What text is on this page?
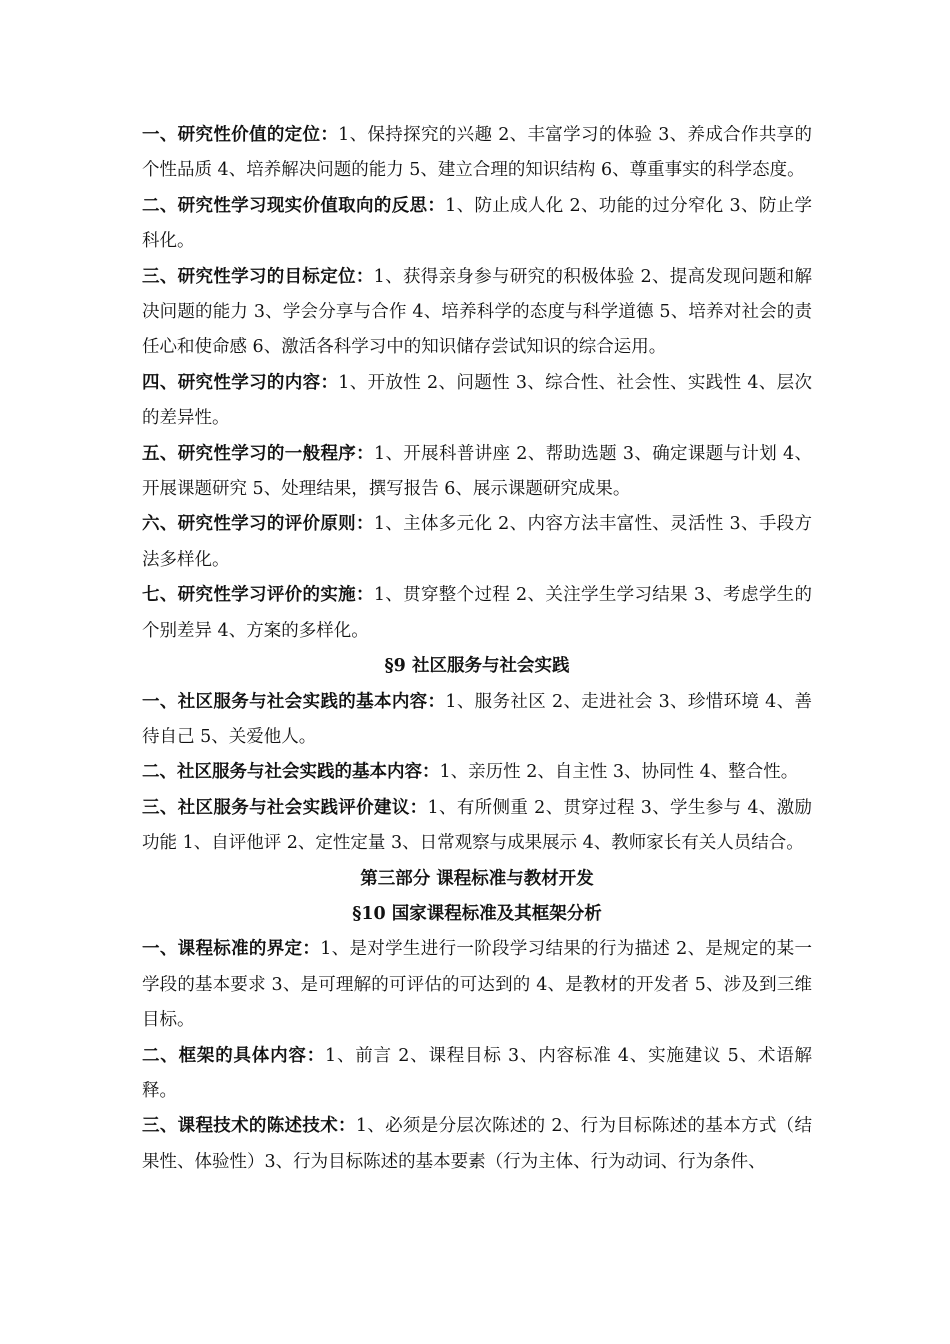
一、研究性价值的定位：1、保持探究的兴趣 2、丰富学习的体验 3、养成合作共享的个性品质 4、培养解决问题的能力 5、建立合理的知识结构 6、尊重事实的科学态度。

二、研究性学习现实价值取向的反思：1、防止成人化 2、功能的过分窄化 3、防止学科化。

三、研究性学习的目标定位：1、获得亲身参与研究的积极体验 2、提高发现问题和解决问题的能力 3、学会分享与合作 4、培养科学的态度与科学道德 5、培养对社会的责任心和使命感 6、激活各科学习中的知识储存尝试知识的综合运用。

四、研究性学习的内容：1、开放性 2、问题性 3、综合性、社会性、实践性 4、层次的差异性。

五、研究性学习的一般程序：1、开展科普讲座 2、帮助选题 3、确定课题与计划 4、开展课题研究 5、处理结果，撰写报告 6、展示课题研究成果。

六、研究性学习的评价原则：1、主体多元化 2、内容方法丰富性、灵活性 3、手段方法多样化。

七、研究性学习评价的实施：1、贯穿整个过程 2、关注学生学习结果 3、考虑学生的个别差异 4、方案的多样化。

§9 社区服务与社会实践

一、社区服务与社会实践的基本内容：1、服务社区 2、走进社会 3、珍惜环境 4、善待自己 5、关爱他人。

二、社区服务与社会实践的基本内容：1、亲历性 2、自主性 3、协同性 4、整合性。

三、社区服务与社会实践评价建议：1、有所侧重 2、贯穿过程 3、学生参与 4、激励功能 1、自评他评 2、定性定量 3、日常观察与成果展示 4、教师家长有关人员结合。

第三部分 课程标准与教材开发

§10 国家课程标准及其框架分析

一、课程标准的界定：1、是对学生进行一阶段学习结果的行为描述 2、是规定的某一学段的基本要求 3、是可理解的可评估的可达到的 4、是教材的开发者 5、涉及到三维目标。

二、框架的具体内容：1、前言 2、课程目标 3、内容标准 4、实施建议 5、术语解释。

三、课程技术的陈述技术：1、必须是分层次陈述的 2、行为目标陈述的基本方式（结果性、体验性）3、行为目标陈述的基本要素（行为主体、行为动词、行为条件、
